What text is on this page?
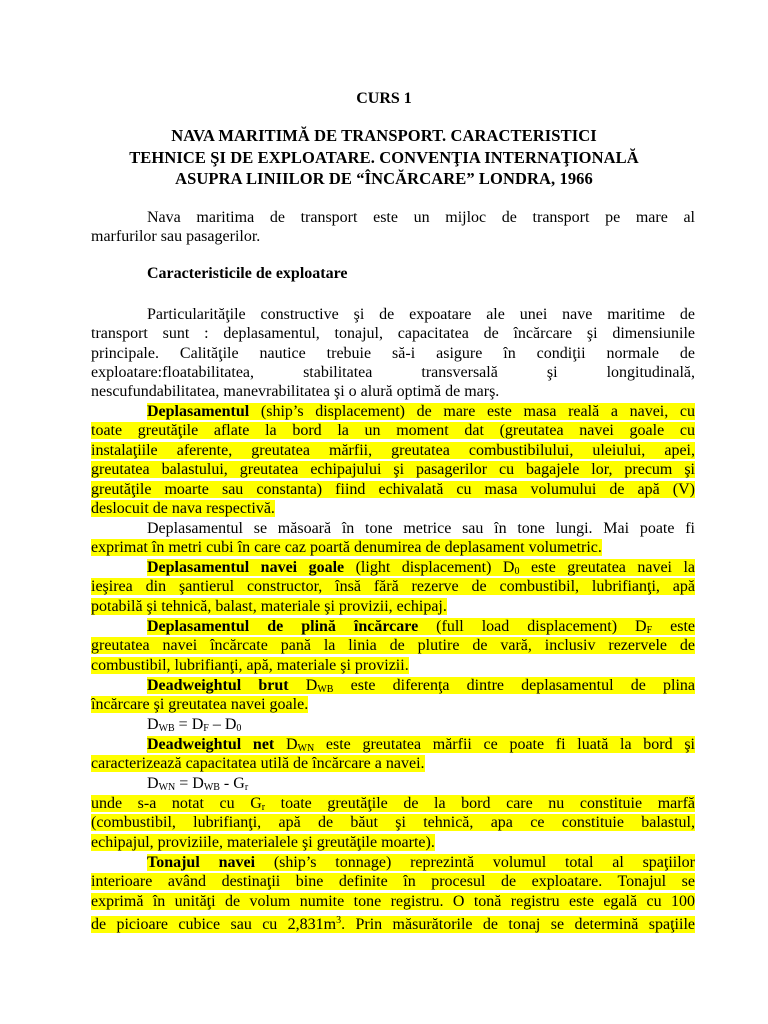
CURS 1
NAVA MARITIMĂ DE TRANSPORT. CARACTERISTICI
TEHNICE ŞI DE EXPLOATARE. CONVENŢIA INTERNAŢIONALĂ
ASUPRA LINIILOR DE “ÎNCĂRCARE” LONDRA, 1966
Nava maritima de transport este un mijloc de transport pe mare al
marfurilor sau pasagerilor.
Caracteristicile de exploatare
Particularităţile constructive şi de expoatare ale unei nave maritime de
transport sunt : deplasamentul, tonajul, capacitatea de încărcare şi dimensiunile
principale. Calităţile nautice trebuie să-i asigure în condiţii normale de
exploatare:floatabilitatea, stabilitatea transversală şi longitudinală,
nescufundabilitatea, manevrabilitatea şi o alură optimă de marş.
Deplasamentul (ship’s displacement) de mare este masa reală a navei, cu
toate greutăţile aflate la bord la un moment dat (greutatea navei goale cu
instalaţiile aferente, greutatea mărfii, greutatea combustibilului, uleiului, apei,
greutatea balastului, greutatea echipajului şi pasagerilor cu bagajele lor, precum şi
greutăţile moarte sau constanta) fiind echivalată cu masa volumului de apă (V)
deslocuit de nava respectivă.
Deplasamentul se măsoară în tone metrice sau în tone lungi. Mai poate fi
exprimat în metri cubi în care caz poartă denumirea de deplasament volumetric.
Deplasamentul navei goale (light displacement) $D_0$ este greutatea navei la
ieşirea din şantierul constructor, însă fără rezerve de combustibil, lubrifianţi, apă
potabilă şi tehnică, balast, materiale şi provizii, echipaj.
Deplasamentul de plină încărcare (full load displacement) $D_F$ este
greutatea navei încărcate pană la linia de plutire de vară, inclusiv rezervele de
combustibil, lubrifianţi, apă, materiale şi provizii.
Deadweightul brut $D_{WB}$ este diferenţa dintre deplasamentul de plina
încărcare şi greutatea navei goale.
$D_{WB} = D_F - D_0$
Deadweightul net $D_{WN}$ este greutatea mărfii ce poate fi luată la bord şi
caracterizează capacitatea utilă de încărcare a navei.
$D_{WN} = D_{WB} - G_r$
unde s-a notat cu $G_r$ toate greutăţile de la bord care nu constituie marfă
(combustibil, lubrifianţi, apă de băut şi tehnică, apa ce constituie balastul,
echipajul, proviziile, materialele şi greutăţile moarte).
Tonajul navei (ship’s tonnage) reprezintă volumul total al spaţiilor
interioare având destinaţii bine definite în procesul de exploatare. Tonajul se
exprimă în unităţi de volum numite tone registru. O tonă registru este egală cu 100
de picioare cubice sau cu $2,831m^3$. Prin măsurătorile de tonaj se determină spaţiile
